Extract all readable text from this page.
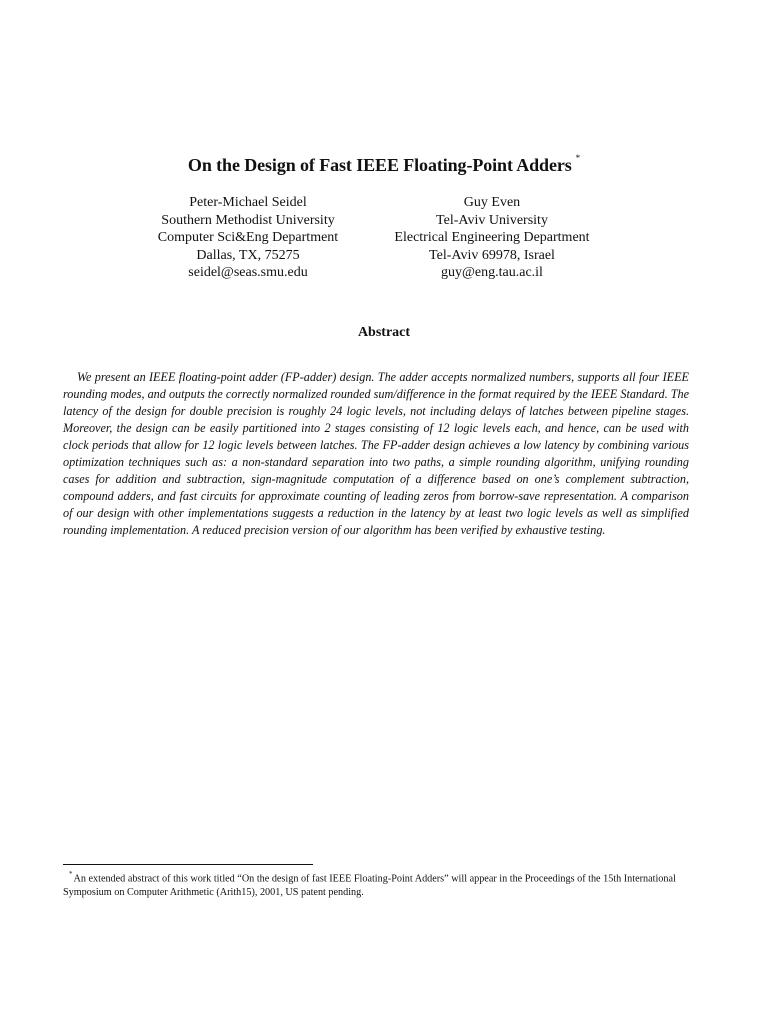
On the Design of Fast IEEE Floating-Point Adders *
Peter-Michael Seidel
Southern Methodist University
Computer Sci&Eng Department
Dallas, TX, 75275
seidel@seas.smu.edu
Guy Even
Tel-Aviv University
Electrical Engineering Department
Tel-Aviv 69978, Israel
guy@eng.tau.ac.il
Abstract

We present an IEEE floating-point adder (FP-adder) design. The adder accepts normalized numbers, supports all four IEEE rounding modes, and outputs the correctly normalized rounded sum/difference in the format required by the IEEE Standard. The latency of the design for double precision is roughly 24 logic levels, not including delays of latches between pipeline stages. Moreover, the design can be easily partitioned into 2 stages consisting of 12 logic levels each, and hence, can be used with clock periods that allow for 12 logic levels between latches. The FP-adder design achieves a low latency by combining various optimization techniques such as: a non-standard separation into two paths, a simple rounding algorithm, unifying rounding cases for addition and subtraction, sign-magnitude computation of a difference based on one’s complement subtraction, compound adders, and fast circuits for approximate counting of leading zeros from borrow-save representation. A comparison of our design with other implementations suggests a reduction in the latency by at least two logic levels as well as simplified rounding implementation. A reduced precision version of our algorithm has been verified by exhaustive testing.

*An extended abstract of this work titled “On the design of fast IEEE Floating-Point Adders” will appear in the Proceedings of the 15th International Symposium on Computer Arithmetic (Arith15), 2001, US patent pending.
